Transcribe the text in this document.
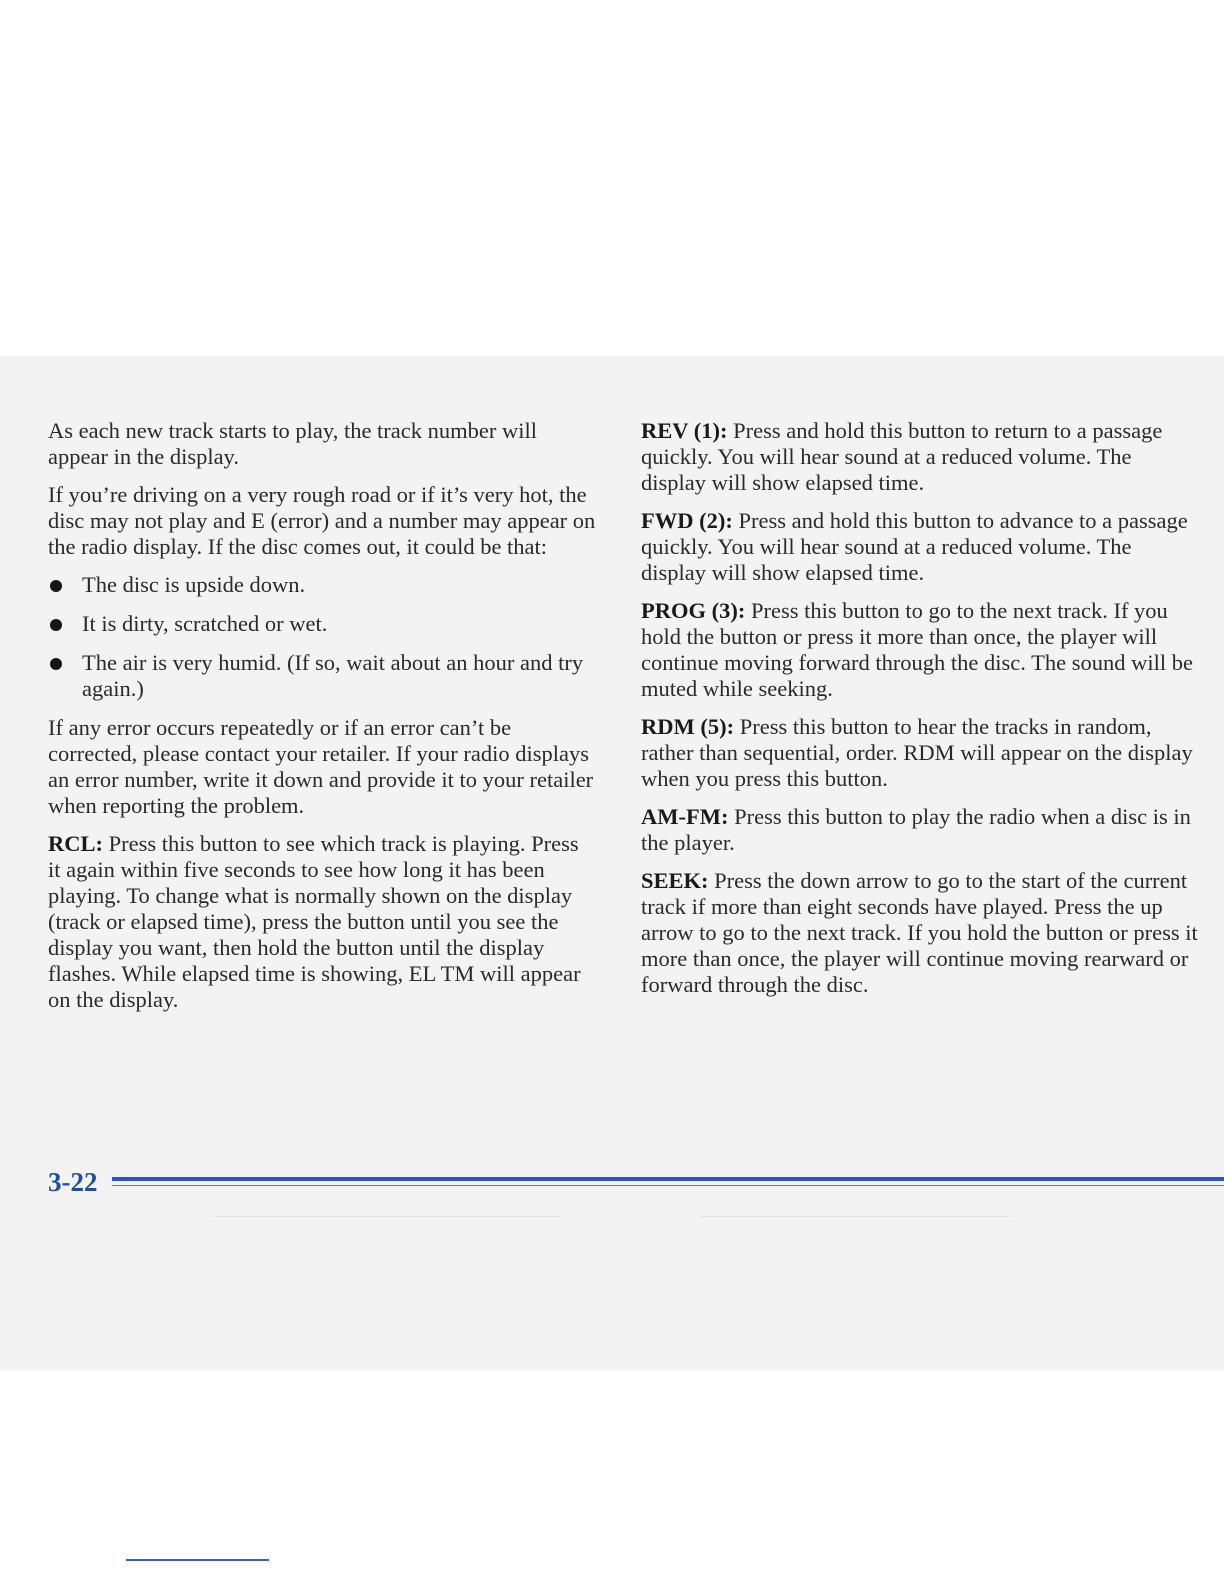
As each new track starts to play, the track number will appear in the display.

If you’re driving on a very rough road or if it’s very hot, the disc may not play and E (error) and a number may appear on the radio display. If the disc comes out, it could be that:

The disc is upside down.
It is dirty, scratched or wet.
The air is very humid. (If so, wait about an hour and try again.)

If any error occurs repeatedly or if an error can’t be corrected, please contact your retailer. If your radio displays an error number, write it down and provide it to your retailer when reporting the problem.

RCL: Press this button to see which track is playing. Press it again within five seconds to see how long it has been playing. To change what is normally shown on the display (track or elapsed time), press the button until you see the display you want, then hold the button until the display flashes. While elapsed time is showing, EL TM will appear on the display.

REV (1): Press and hold this button to return to a passage quickly. You will hear sound at a reduced volume. The display will show elapsed time.

FWD (2): Press and hold this button to advance to a passage quickly. You will hear sound at a reduced volume. The display will show elapsed time.

PROG (3): Press this button to go to the next track. If you hold the button or press it more than once, the player will continue moving forward through the disc. The sound will be muted while seeking.

RDM (5): Press this button to hear the tracks in random, rather than sequential, order. RDM will appear on the display when you press this button.

AM-FM: Press this button to play the radio when a disc is in the player.

SEEK: Press the down arrow to go to the start of the current track if more than eight seconds have played. Press the up arrow to go to the next track. If you hold the button or press it more than once, the player will continue moving rearward or forward through the disc.

3-22
